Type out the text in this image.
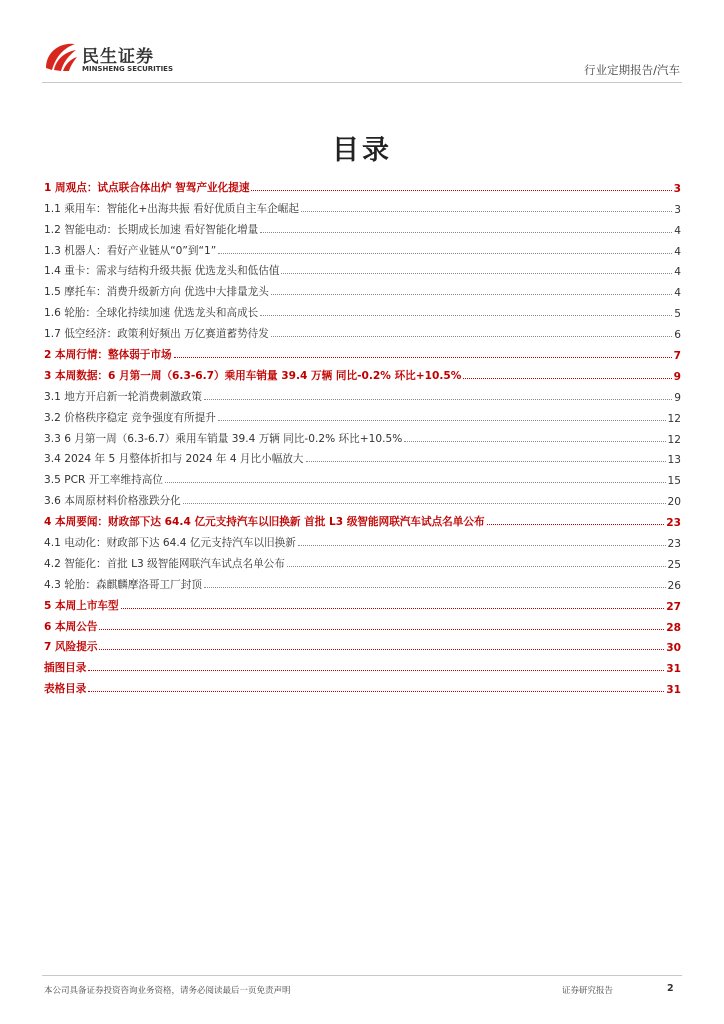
民生证券
MINSHENG SECURITIES	行业定期报告/汽车
目录
1 周观点：试点联合体出炉 智驾产业化提速	3
1.1 乘用车：智能化+出海共振 看好优质自主车企崛起	3
1.2 智能电动：长期成长加速 看好智能化增量	4
1.3 机器人：看好产业链从“0”到“1”	4
1.4 重卡：需求与结构升级共振 优选龙头和低估值	4
1.5 摩托车：消费升级新方向 优选中大排量龙头	4
1.6 轮胎：全球化持续加速 优选龙头和高成长	5
1.7 低空经济：政策利好频出 万亿赛道蓄势待发	6
2 本周行情：整体弱于市场	7
3 本周数据：6 月第一周（6.3-6.7）乘用车销量 39.4 万辆 同比-0.2% 环比+10.5%	9
3.1 地方开启新一轮消费刺激政策	9
3.2 价格秩序稳定 竞争强度有所提升	12
3.3 6 月第一周（6.3-6.7）乘用车销量 39.4 万辆 同比-0.2% 环比+10.5%	12
3.4 2024 年 5 月整体折扣与 2024 年 4 月比小幅放大	13
3.5 PCR 开工率维持高位	15
3.6 本周原材料价格涨跌分化	20
4 本周要闻：财政部下达 64.4 亿元支持汽车以旧换新 首批 L3 级智能网联汽车试点名单公布	23
4.1 电动化：财政部下达 64.4 亿元支持汽车以旧换新	23
4.2 智能化：首批 L3 级智能网联汽车试点名单公布	25
4.3 轮胎：森麒麟摩洛哥工厂封顶	26
5 本周上市车型	27
6 本周公告	28
7 风险提示	30
插图目录	31
表格目录	31
本公司具备证券投资咨询业务资格，请务必阅读最后一页免责声明	证券研究报告	2
